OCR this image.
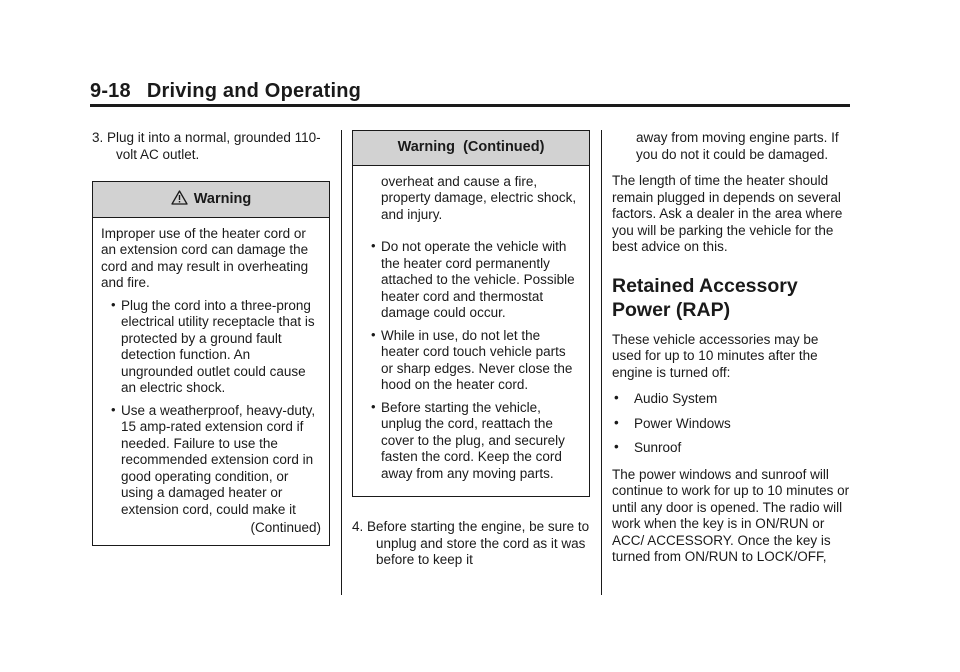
9-18 Driving and Operating
3. Plug it into a normal, grounded 110-volt AC outlet.
Warning

Improper use of the heater cord or an extension cord can damage the cord and may result in overheating and fire.

• Plug the cord into a three-prong electrical utility receptacle that is protected by a ground fault detection function. An ungrounded outlet could cause an electric shock.
• Use a weatherproof, heavy-duty, 15 amp-rated extension cord if needed. Failure to use the recommended extension cord in good operating condition, or using a damaged heater or extension cord, could make it
(Continued)
Warning  (Continued)

overheat and cause a fire, property damage, electric shock, and injury.

• Do not operate the vehicle with the heater cord permanently attached to the vehicle. Possible heater cord and thermostat damage could occur.
• While in use, do not let the heater cord touch vehicle parts or sharp edges. Never close the hood on the heater cord.
• Before starting the vehicle, unplug the cord, reattach the cover to the plug, and securely fasten the cord. Keep the cord away from any moving parts.
4. Before starting the engine, be sure to unplug and store the cord as it was before to keep it

away from moving engine parts. If you do not it could be damaged.

The length of time the heater should remain plugged in depends on several factors. Ask a dealer in the area where you will be parking the vehicle for the best advice on this.

Retained Accessory Power (RAP)

These vehicle accessories may be used for up to 10 minutes after the engine is turned off:

• Audio System
• Power Windows
• Sunroof

The power windows and sunroof will continue to work for up to 10 minutes or until any door is opened. The radio will work when the key is in ON/RUN or ACC/ ACCESSORY. Once the key is turned from ON/RUN to LOCK/OFF,
